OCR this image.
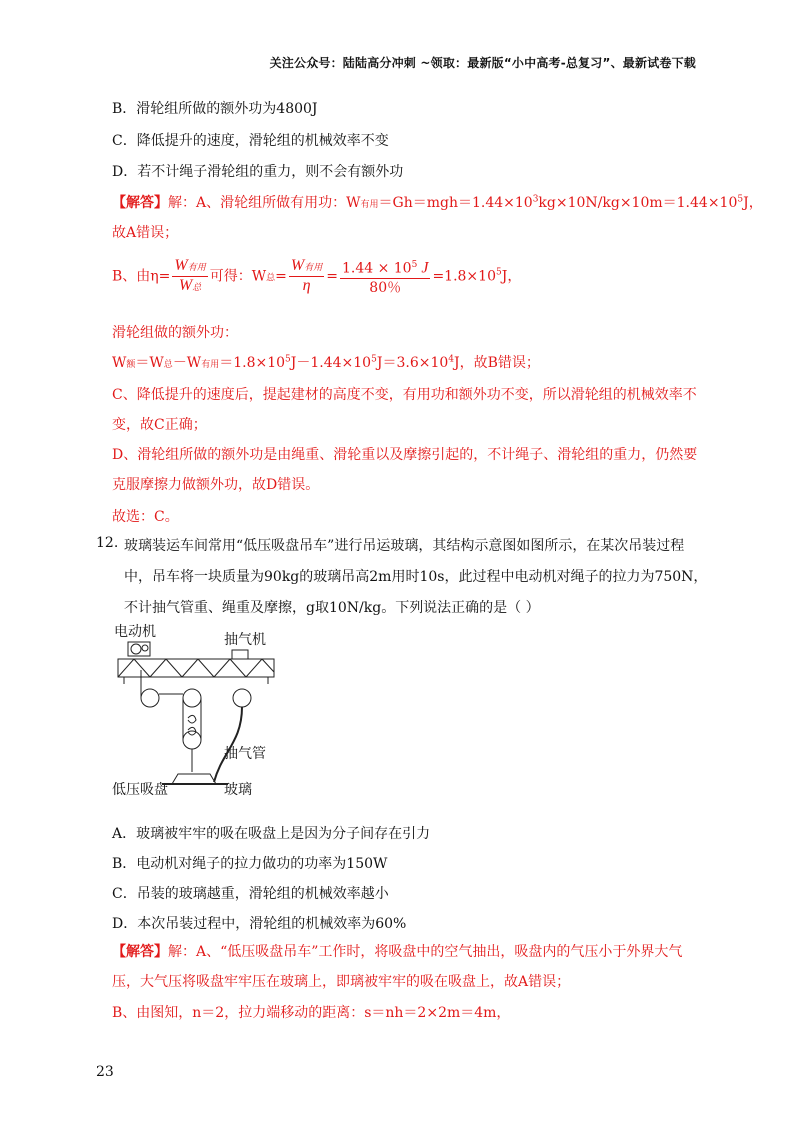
关注公众号：陆陆高分冲刺 ~领取：最新版“小中高考-总复习”、最新试卷下载
B．滑轮组所做的额外功为4800J
C．降低提升的速度，滑轮组的机械效率不变
D．若不计绳子滑轮组的重力，则不会有额外功
【解答】解：A、滑轮组所做有用功：W有用$=Gh=mgh=1.44\times 10^3kg\times 10N/kg\times 10m=1.44\times 10^5J$，
故A错误；
B、由$\eta= \frac{\text{W有用}}{\text{W总}}$ 可得：W总= $\frac{\text{W有用}}{\eta} = \frac{1.44 \times 10^5 J}{80\%} =1.8\times 10^5J$，
滑轮组做的额外功：
W额＝W总－W有用$=1.8\times 10^5J-1.44\times 10^5J=3.6\times 10^4J$，故B错误；
C、降低提升的速度后，提起建材的高度不变，有用功和额外功不变，所以滑轮组的机械效率不
变，故C正确；
D、滑轮组所做的额外功是由绳重、滑轮重以及摩擦引起的，不计绳子、滑轮组的重力，仍然要
克服摩擦力做额外功，故D错误。
故选：C。
12. 玻璃装运车间常用“低压吸盘吊车”进行吊运玻璃，其结构示意图如图所示，在某次吊装过程
中，吊车将一块质量为90kg的玻璃吊高2m用时10s，此过程中电动机对绳子的拉力为750N，
不计抽气管重、绳重及摩擦，g取10N/kg。下列说法正确的是（ ）
电动机	抽气机
抽气管
低压吸盘	玻璃
A．玻璃被牢牢的吸在吸盘上是因为分子间存在引力
B．电动机对绳子的拉力做功的功率为150W
C．吊装的玻璃越重，滑轮组的机械效率越小
D．本次吊装过程中，滑轮组的机械效率为60%
【解答】解：A、“低压吸盘吊车”工作时，将吸盘中的空气抽出，吸盘内的气压小于外界大气
压，大气压将吸盘牢牢压在玻璃上，即璃被牢牢的吸在吸盘上，故A错误；
B、由图知，n＝2，拉力端移动的距离：s＝nh＝2×2m＝4m，
23
